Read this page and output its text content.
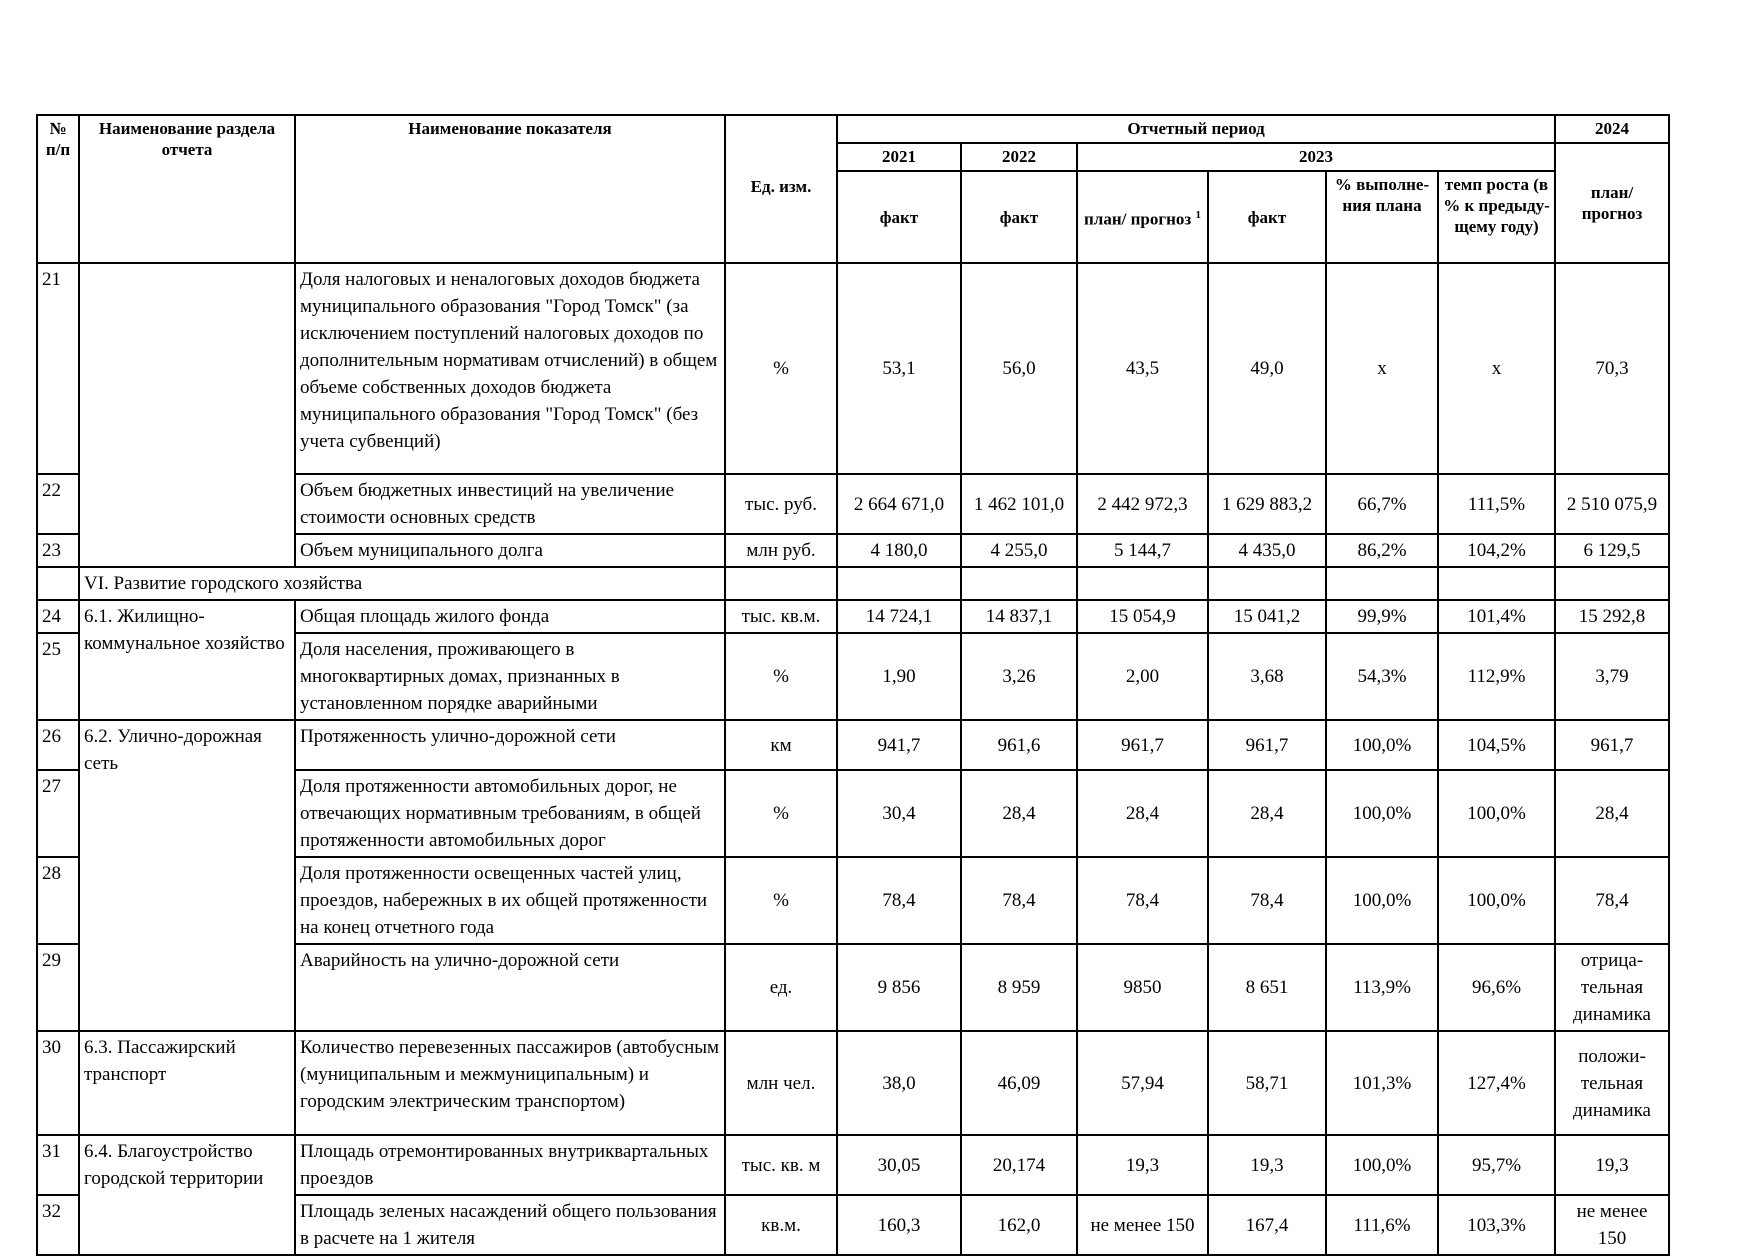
№ п/п	Наименование раздела отчета	Наименование показателя	Ед. изм.	Отчетный период						2024
				2021	2022	2023				план/ прогноз
				факт	факт	план/ прогноз $^1$	факт	% выполне-ния плана	темп роста (в % к предыду-щему году)	
21		Доля налоговых и неналоговых доходов бюджета муниципального образования "Город Томск" (за исключением поступлений налоговых доходов по дополнительным нормативам отчислений) в общем объеме собственных доходов бюджета муниципального образования "Город Томск" (без учета субвенций)	%	53,1	56,0	43,5	49,0	х	х	70,3
22		Объем бюджетных инвестиций на увеличение стоимости основных средств	тыс. руб.	2 664 671,0	1 462 101,0	2 442 972,3	1 629 883,2	66,7%	111,5%	2 510 075,9
23		Объем муниципального долга	млн руб.	4 180,0	4 255,0	5 144,7	4 435,0	86,2%	104,2%	6 129,5
	VI. Развитие городского хозяйства									
24	6.1. Жилищно-коммунальное хозяйство	Общая площадь жилого фонда	тыс. кв.м.	14 724,1	14 837,1	15 054,9	15 041,2	99,9%	101,4%	15 292,8
25		Доля населения, проживающего в многоквартирных домах, признанных в установленном порядке аварийными	%	1,90	3,26	2,00	3,68	54,3%	112,9%	3,79
26	6.2. Улично-дорожная сеть	Протяженность улично-дорожной сети	км	941,7	961,6	961,7	961,7	100,0%	104,5%	961,7
27		Доля протяженности автомобильных дорог, не отвечающих нормативным требованиям, в общей протяженности автомобильных дорог	%	30,4	28,4	28,4	28,4	100,0%	100,0%	28,4
28		Доля протяженности освещенных частей улиц, проездов, набережных в их общей протяженности на конец отчетного года	%	78,4	78,4	78,4	78,4	100,0%	100,0%	78,4
29		Аварийность на улично-дорожной сети	ед.	9 856	8 959	9850	8 651	113,9%	96,6%	отрица-тельная динамика
30	6.3. Пассажирский транспорт	Количество перевезенных пассажиров (автобусным (муниципальным и межмуниципальным) и городским электрическим транспортом)	млн чел.	38,0	46,09	57,94	58,71	101,3%	127,4%	положи-тельная динамика
31	6.4. Благоустройство городской территории	Площадь отремонтированных внутриквартальных проездов	тыс. кв. м	30,05	20,174	19,3	19,3	100,0%	95,7%	19,3
32		Площадь зеленых насаждений общего пользования в расчете на 1 жителя	кв.м.	160,3	162,0	не менее 150	167,4	111,6%	103,3%	не менее 150
